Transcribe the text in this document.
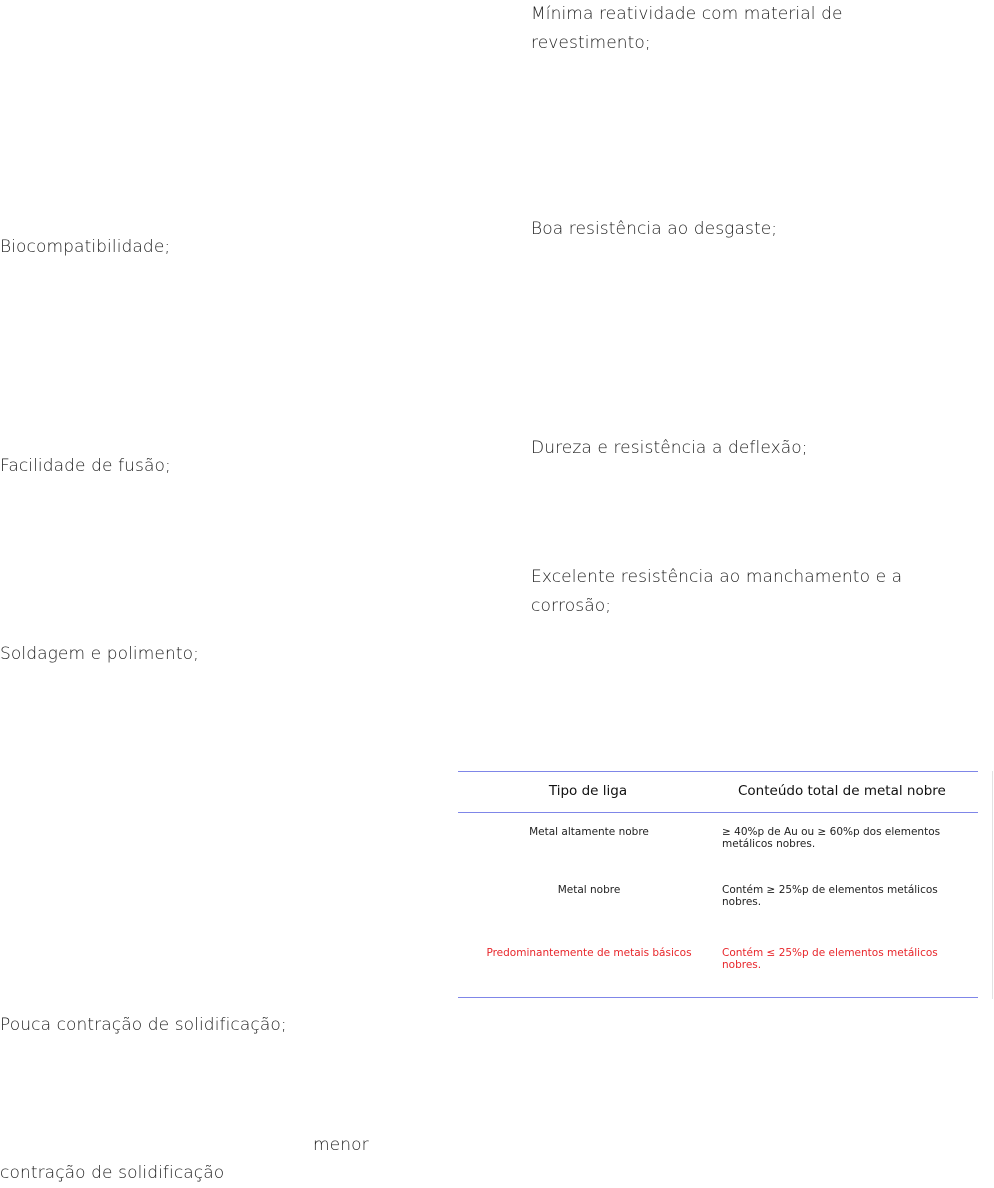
Mínima reatividade com material de revestimento;
Boa resistência ao desgaste;
Dureza e resistência a deflexão;
Excelente resistência ao manchamento e a corrosão;
Biocompatibilidade;
Facilidade de fusão;
Soldagem e polimento;
Pouca contração de solidificação;
menor
contração de solidificação
Tipo de liga	Conteúdo total de metal nobre
Metal altamente nobre	≥ 40%p de Au ou ≥ 60%p dos elementos metálicos nobres.
Metal nobre	Contém ≥ 25%p de elementos metálicos nobres.
Predominantemente de metais básicos	Contém ≤ 25%p de elementos metálicos nobres.
